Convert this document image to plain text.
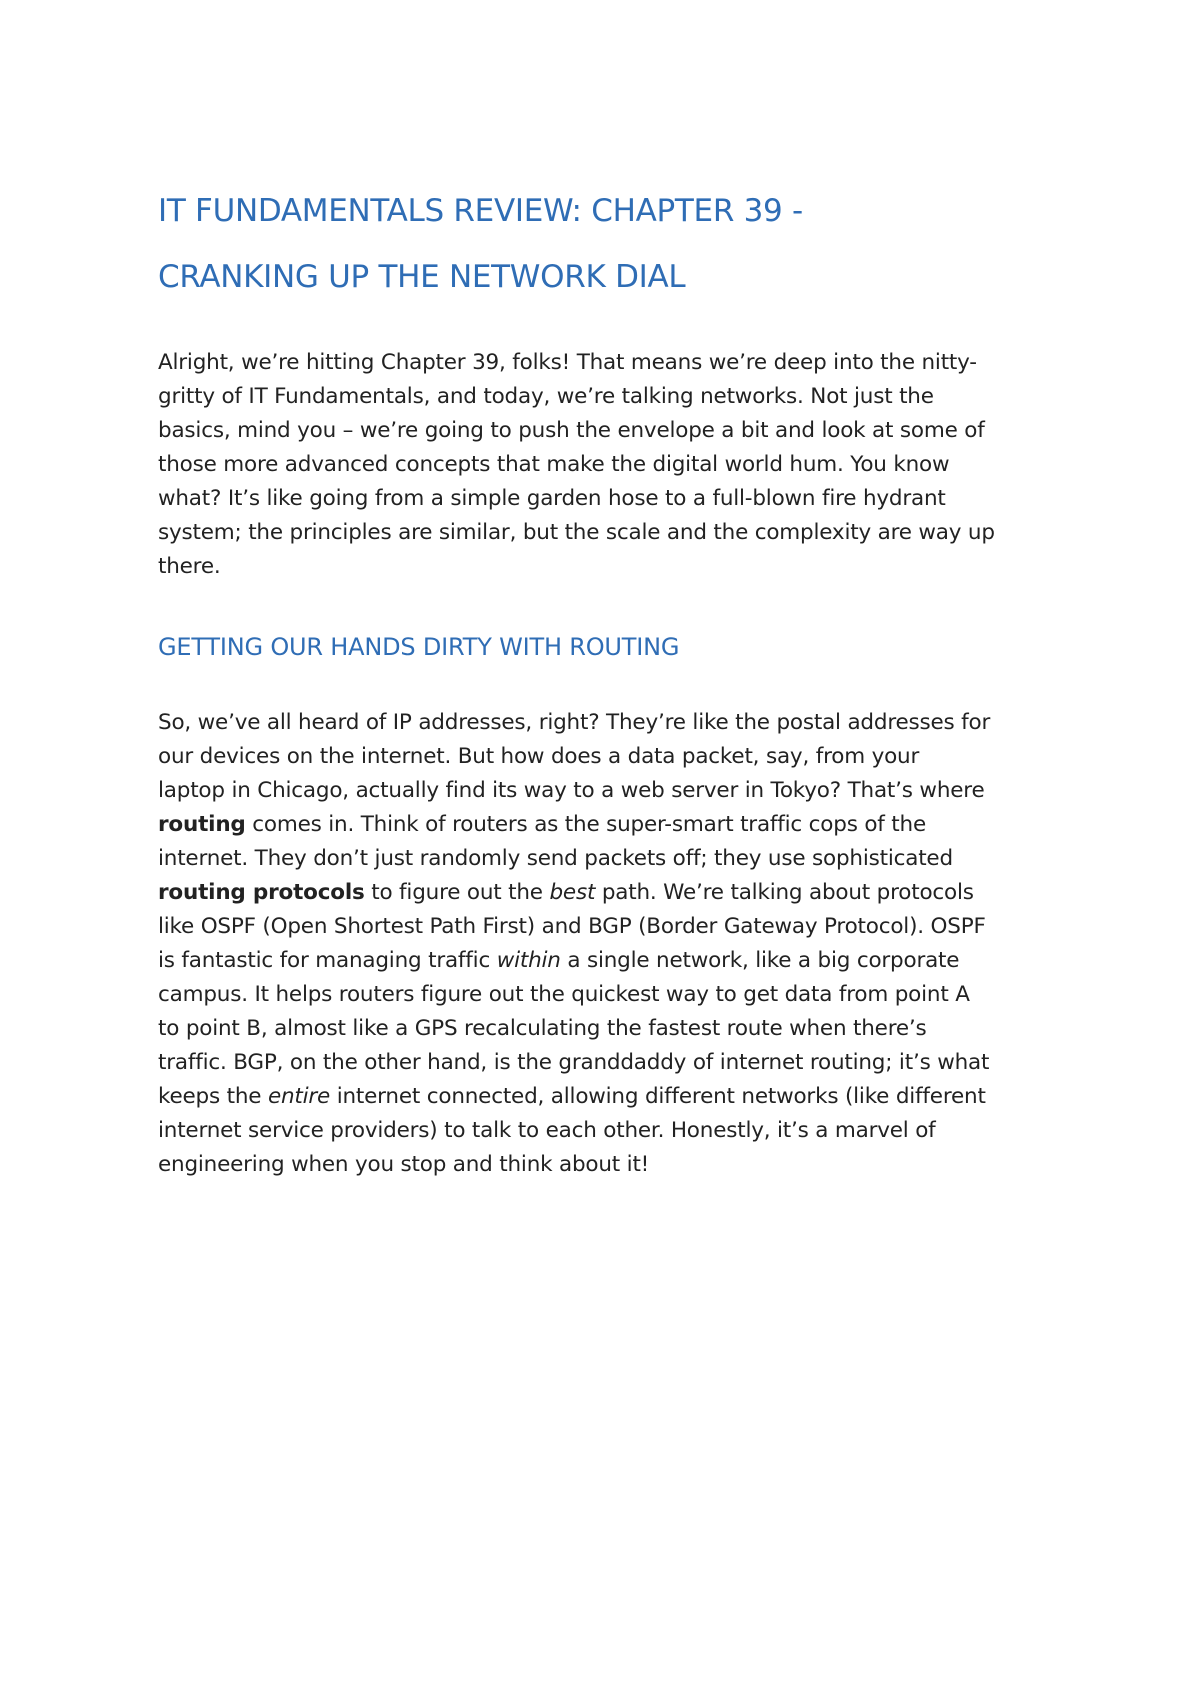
IT FUNDAMENTALS REVIEW: CHAPTER 39 -
CRANKING UP THE NETWORK DIAL

Alright, we’re hitting Chapter 39, folks! That means we’re deep into the nitty-
gritty of IT Fundamentals, and today, we’re talking networks. Not just the
basics, mind you – we’re going to push the envelope a bit and look at some of
those more advanced concepts that make the digital world hum. You know
what? It’s like going from a simple garden hose to a full-blown fire hydrant
system; the principles are similar, but the scale and the complexity are way up
there.

GETTING OUR HANDS DIRTY WITH ROUTING

So, we’ve all heard of IP addresses, right? They’re like the postal addresses for
our devices on the internet. But how does a data packet, say, from your
laptop in Chicago, actually find its way to a web server in Tokyo? That’s where
routing comes in. Think of routers as the super-smart traffic cops of the
internet. They don’t just randomly send packets off; they use sophisticated
routing protocols to figure out the best path. We’re talking about protocols
like OSPF (Open Shortest Path First) and BGP (Border Gateway Protocol). OSPF
is fantastic for managing traffic within a single network, like a big corporate
campus. It helps routers figure out the quickest way to get data from point A
to point B, almost like a GPS recalculating the fastest route when there’s
traffic. BGP, on the other hand, is the granddaddy of internet routing; it’s what
keeps the entire internet connected, allowing different networks (like different
internet service providers) to talk to each other. Honestly, it’s a marvel of
engineering when you stop and think about it!
